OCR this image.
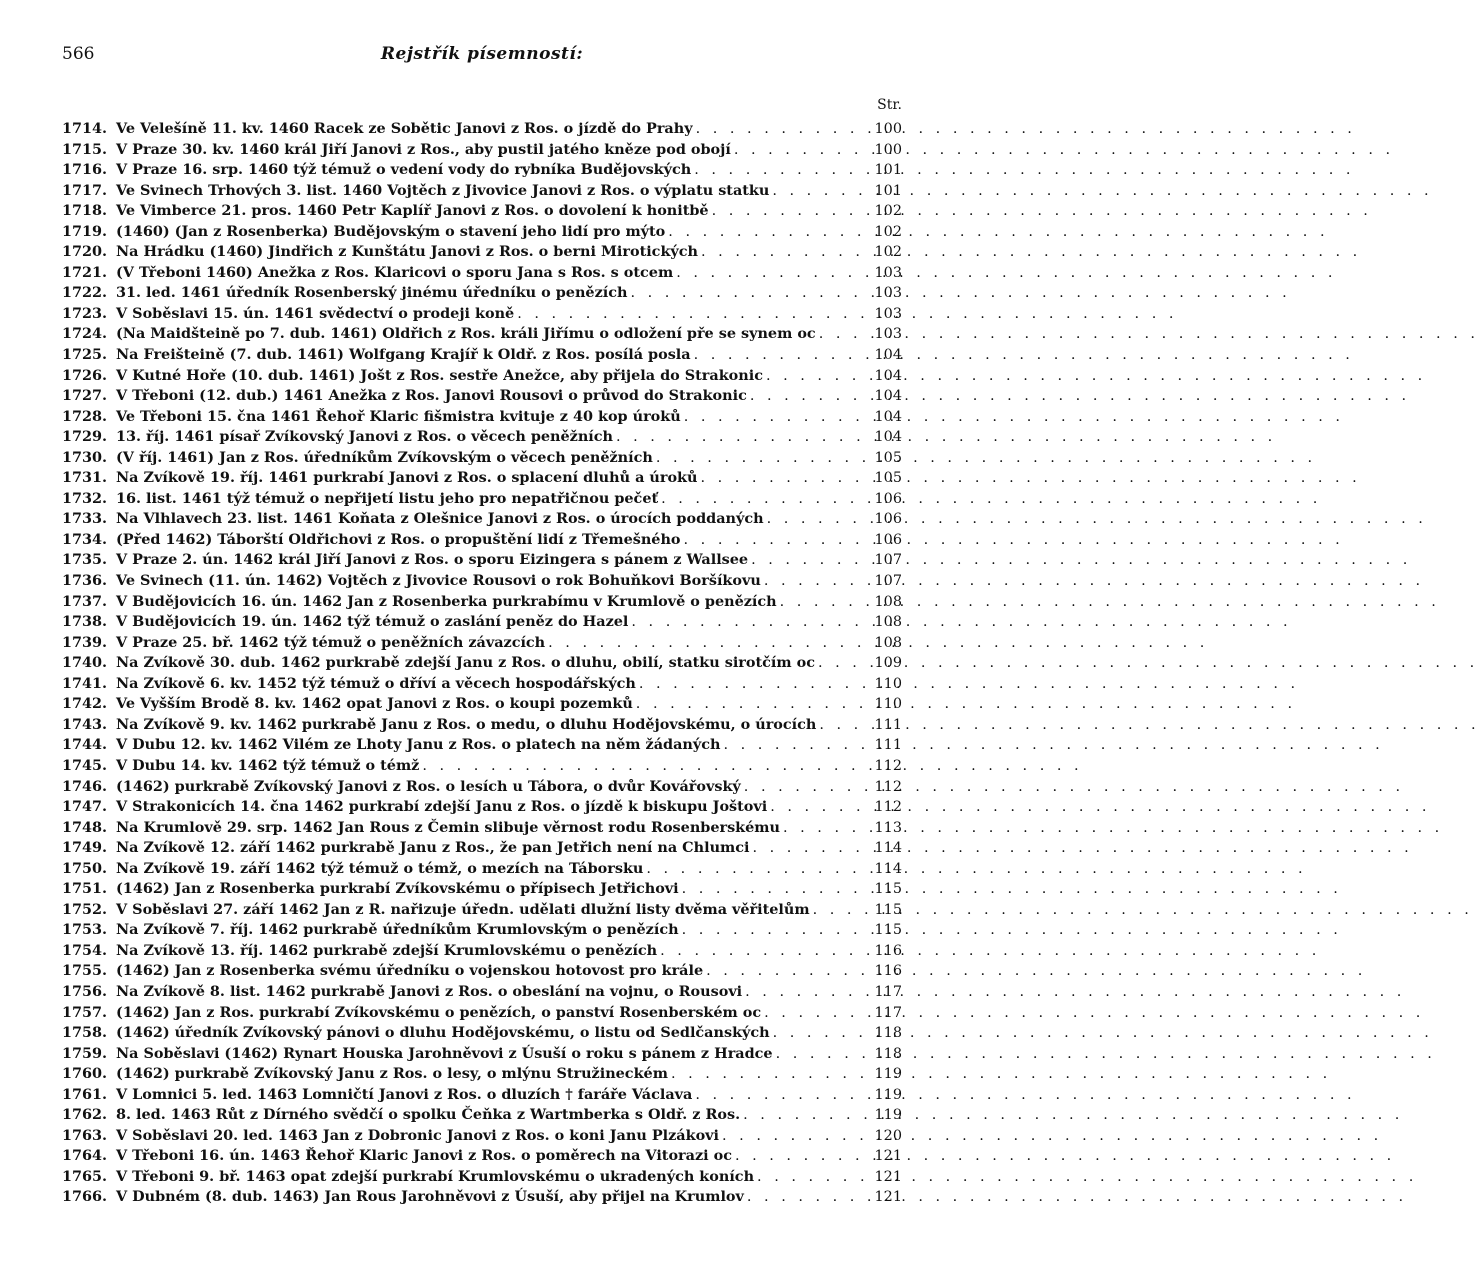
566	Rejstřík písemností:
Str.
1714. Ve Velešíně 11. kv. 1460 Racek ze Sobětic Janovi z Ros. o jízdě do Prahy . . .	100
1715. V Praze 30. kv. 1460 král Jiří Janovi z Ros., aby pustil jatého kněze pod obojí . . .	100
1716. V Praze 16. srp. 1460 týž témuž o vedení vody do rybníka Budějovských . . .	101
1717. Ve Svinech Trhových 3. list. 1460 Vojtěch z Jivovice Janovi z Ros. o výplatu statku . . .	101
1718. Ve Vimberce 21. pros. 1460 Petr Kaplíř Janovi z Ros. o dovolení k honitbě . . .	102
1719. (1460) (Jan z Rosenberka) Budějovským o stavení jeho lidí pro mýto . . .	102
1720. Na Hrádku (1460) Jindřich z Kunštátu Janovi z Ros. o berni Mirotických . . .	102
1721. (V Třeboni 1460) Anežka z Ros. Klaricovi o sporu Jana s Ros. s otcem . . .	103
1722. 31. led. 1461 úředník Rosenberský jinému úředníku o penězích . . .	103
1723. V Soběslavi 15. ún. 1461 svědectví o prodeji koně . . .	103
1724. (Na Maidšteině po 7. dub. 1461) Oldřich z Ros. králi Jiřímu o odložení pře se synem oc . . .	103
1725. Na Freišteině (7. dub. 1461) Wolfgang Krajíř k Oldř. z Ros. posílá posla . . .	104
1726. V Kutné Hoře (10. dub. 1461) Jošt z Ros. sestře Anežce, aby přijela do Strakonic . . .	104
1727. V Třeboni (12. dub.) 1461 Anežka z Ros. Janovi Rousovi o průvod do Strakonic . . .	104
1728. Ve Třeboni 15. čna 1461 Řehoř Klaric fišmistra kvituje z 40 kop úroků . . .	104
1729. 13. říj. 1461 písař Zvíkovský Janovi z Ros. o věcech peněžních . . .	104
1730. (V říj. 1461) Jan z Ros. úředníkům Zvíkovským o věcech peněžních . . .	105
1731. Na Zvíkově 19. říj. 1461 purkrabí Janovi z Ros. o splacení dluhů a úroků . . .	105
1732. 16. list. 1461 týž témuž o nepřijetí listu jeho pro nepatřičnou pečeť . . .	106
1733. Na Vlhlavech 23. list. 1461 Koňata z Olešnice Janovi z Ros. o úrocích poddaných . . .	106
1734. (Před 1462) Táborští Oldřichovi z Ros. o propuštění lidí z Třemešného . . .	106
1735. V Praze 2. ún. 1462 král Jiří Janovi z Ros. o sporu Eizingera s pánem z Wallsee . . .	107
1736. Ve Svinech (11. ún. 1462) Vojtěch z Jivovice Rousovi o rok Bohuňkovi Boršíkovu . . .	107
1737. V Budějovicích 16. ún. 1462 Jan z Rosenberka purkrabímu v Krumlově o penězích . . .	108
1738. V Budějovicích 19. ún. 1462 týž témuž o zaslání peněz do Hazel . . .	108
1739. V Praze 25. bř. 1462 týž témuž o peněžních závazcích . . .	108
1740. Na Zvíkově 30. dub. 1462 purkrabě zdejší Janu z Ros. o dluhu, obilí, statku sirotčím oc . . .	109
1741. Na Zvíkově 6. kv. 1452 týž témuž o dříví a věcech hospodářských . . .	110
1742. Ve Vyšším Brodě 8. kv. 1462 opat Janovi z Ros. o koupi pozemků . . .	110
1743. Na Zvíkově 9. kv. 1462 purkrabě Janu z Ros. o medu, o dluhu Hodějovskému, o úrocích . . .	111
1744. V Dubu 12. kv. 1462 Vilém ze Lhoty Janu z Ros. o platech na něm žádaných . . .	111
1745. V Dubu 14. kv. 1462 týž témuž o témž . . .	112
1746. (1462) purkrabě Zvíkovský Janovi z Ros. o lesích u Tábora, o dvůr Kovářovský . . .	112
1747. V Strakonicích 14. čna 1462 purkrabí zdejší Janu z Ros. o jízdě k biskupu Joštovi . . .	112
1748. Na Krumlově 29. srp. 1462 Jan Rous z Čemin slibuje věrnost rodu Rosenberskému . . .	113
1749. Na Zvíkově 12. září 1462 purkrabě Janu z Ros., že pan Jetřich není na Chlumci . . .	114
1750. Na Zvíkově 19. září 1462 týž témuž o témž, o mezích na Táborsku . . .	114
1751. (1462) Jan z Rosenberka purkrabí Zvíkovskému o přípisech Jetřichovi . . .	115
1752. V Soběslavi 27. září 1462 Jan z R. nařizuje úředn. udělati dlužní listy dvěma věřitelům . . .	115
1753. Na Zvíkově 7. říj. 1462 purkrabě úředníkům Krumlovským o penězích . . .	115
1754. Na Zvíkově 13. říj. 1462 purkrabě zdejší Krumlovskému o penězích . . .	116
1755. (1462) Jan z Rosenberka svému úředníku o vojenskou hotovost pro krále . . .	116
1756. Na Zvíkově 8. list. 1462 purkrabě Janovi z Ros. o obeslání na vojnu, o Rousovi . . .	117
1757. (1462) Jan z Ros. purkrabí Zvíkovskému o penězích, o panství Rosenberském oc . . .	117
1758. (1462) úředník Zvíkovský pánovi o dluhu Hodějovskému, o listu od Sedlčanských . . .	118
1759. Na Soběslavi (1462) Rynart Houska Jarohněvovi z Úsuší o roku s pánem z Hradce . . .	118
1760. (1462) purkrabě Zvíkovský Janu z Ros. o lesy, o mlýnu Stružineckém . . .	119
1761. V Lomnici 5. led. 1463 Lomničtí Janovi z Ros. o dluzích † faráře Václava . . .	119
1762. 8. led. 1463 Růt z Dírného svědčí o spolku Čeňka z Wartmberka s Oldř. z Ros. . . .	119
1763. V Soběslavi 20. led. 1463 Jan z Dobronic Janovi z Ros. o koni Janu Plzákovi . . .	120
1764. V Třeboni 16. ún. 1463 Řehoř Klaric Janovi z Ros. o poměrech na Vitorazi oc . . .	121
1765. V Třeboni 9. bř. 1463 opat zdejší purkrabí Krumlovskému o ukradených koních . . .	121
1766. V Dubném (8. dub. 1463) Jan Rous Jarohněvovi z Úsuší, aby přijel na Krumlov . . .	121
